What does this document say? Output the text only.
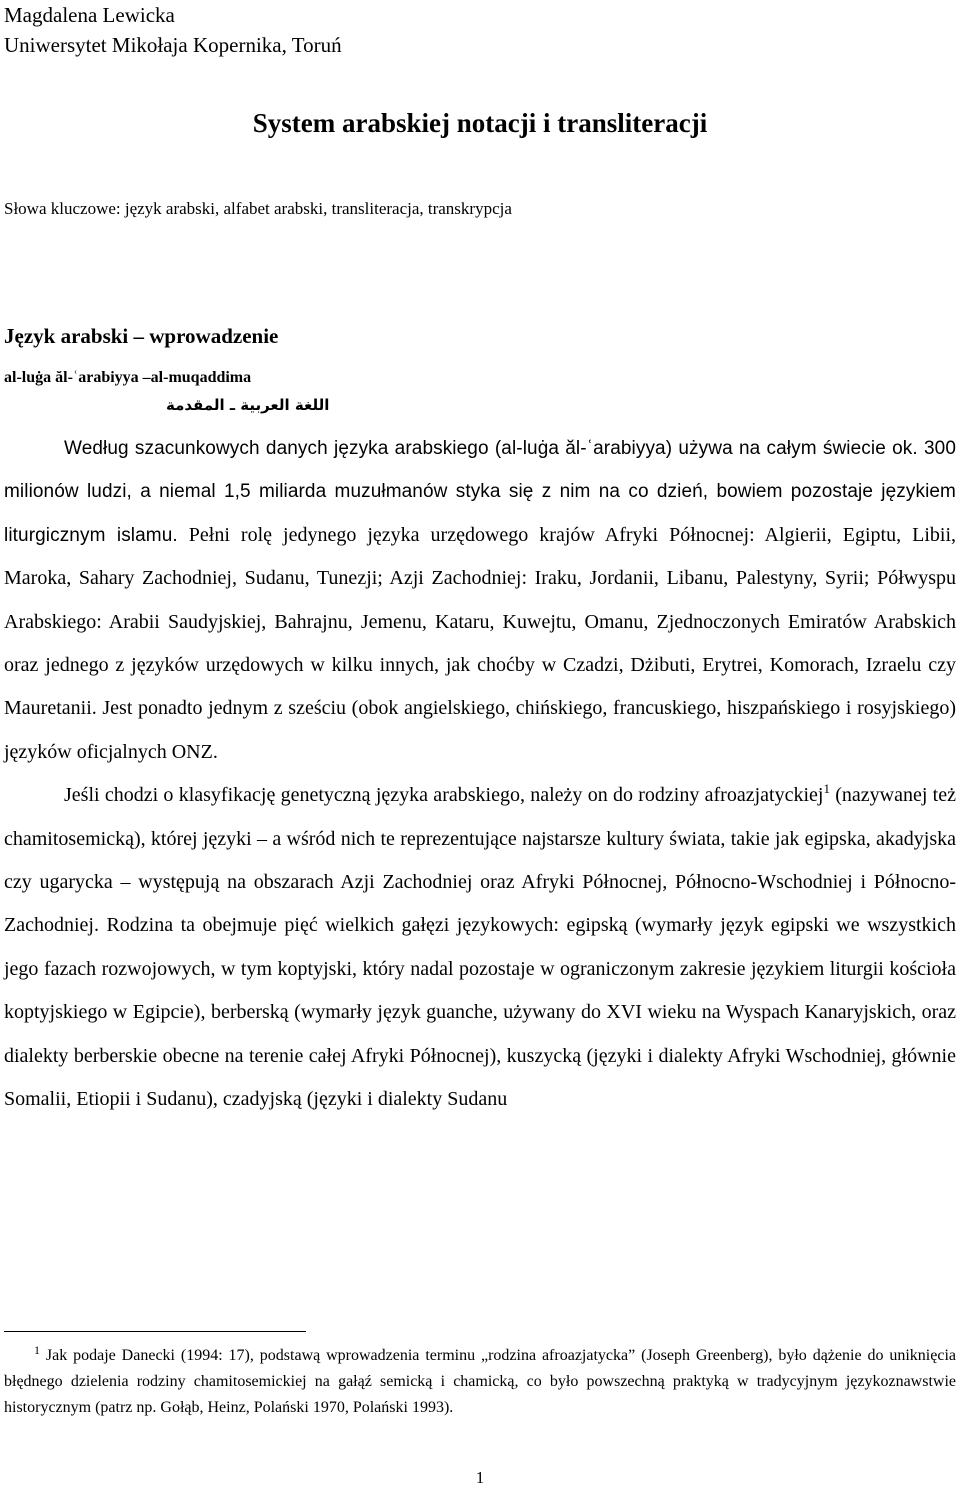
Magdalena Lewicka
Uniwersytet Mikołaja Kopernika, Toruń
System arabskiej notacji i transliteracji
Słowa kluczowe: język arabski, alfabet arabski, transliteracja, transkrypcja
Język arabski – wprowadzenie
al-luġa ăl-ʿarabiyya –al-muqaddima
اللغة العربية ـ المقدمة

Według szacunkowych danych języka arabskiego (al-luġa ăl-ʿarabiyya) używa na całym świecie ok. 300 milionów ludzi, a niemal 1,5 miliarda muzułmanów styka się z nim na co dzień, bowiem pozostaje językiem liturgicznym islamu. Pełni rolę jedynego języka urzędowego krajów Afryki Północnej: Algierii, Egiptu, Libii, Maroka, Sahary Zachodniej, Sudanu, Tunezji; Azji Zachodniej: Iraku, Jordanii, Libanu, Palestyny, Syrii; Półwyspu Arabskiego: Arabii Saudyjskiej, Bahrajnu, Jemenu, Kataru, Kuwejtu, Omanu, Zjednoczonych Emiratów Arabskich oraz jednego z języków urzędowych w kilku innych, jak choćby w Czadzi, Dżibuti, Erytrei, Komorach, Izraelu czy Mauretanii. Jest ponadto jednym z sześciu (obok angielskiego, chińskiego, francuskiego, hiszpańskiego i rosyjskiego) języków oficjalnych ONZ.

Jeśli chodzi o klasyfikację genetyczną języka arabskiego, należy on do rodziny afroazjatyckiej$^1$ (nazywanej też chamitosemicką), której języki – a wśród nich te reprezentujące najstarsze kultury świata, takie jak egipska, akadyjska czy ugarycka – występują na obszarach Azji Zachodniej oraz Afryki Północnej, Północno-Wschodniej i Północno-Zachodniej. Rodzina ta obejmuje pięć wielkich gałęzi językowych: egipską (wymarły język egipski we wszystkich jego fazach rozwojowych, w tym koptyjski, który nadal pozostaje w ograniczonym zakresie językiem liturgii kościoła koptyjskiego w Egipcie), berberską (wymarły język guanche, używany do XVI wieku na Wyspach Kanaryjskich, oraz dialekty berberskie obecne na terenie całej Afryki Północnej), kuszycką (języki i dialekty Afryki Wschodniej, głównie Somalii, Etiopii i Sudanu), czadyjską (języki i dialekty Sudanu

$^1$ Jak podaje Danecki (1994: 17), podstawą wprowadzenia terminu „rodzina afroazjatycka” (Joseph Greenberg), było dążenie do uniknięcia błędnego dzielenia rodziny chamitosemickiej na gałąź semicką i chamicką, co było powszechną praktyką w tradycyjnym językoznawstwie historycznym (patrz np. Gołąb, Heinz, Polański 1970, Polański 1993).

1
